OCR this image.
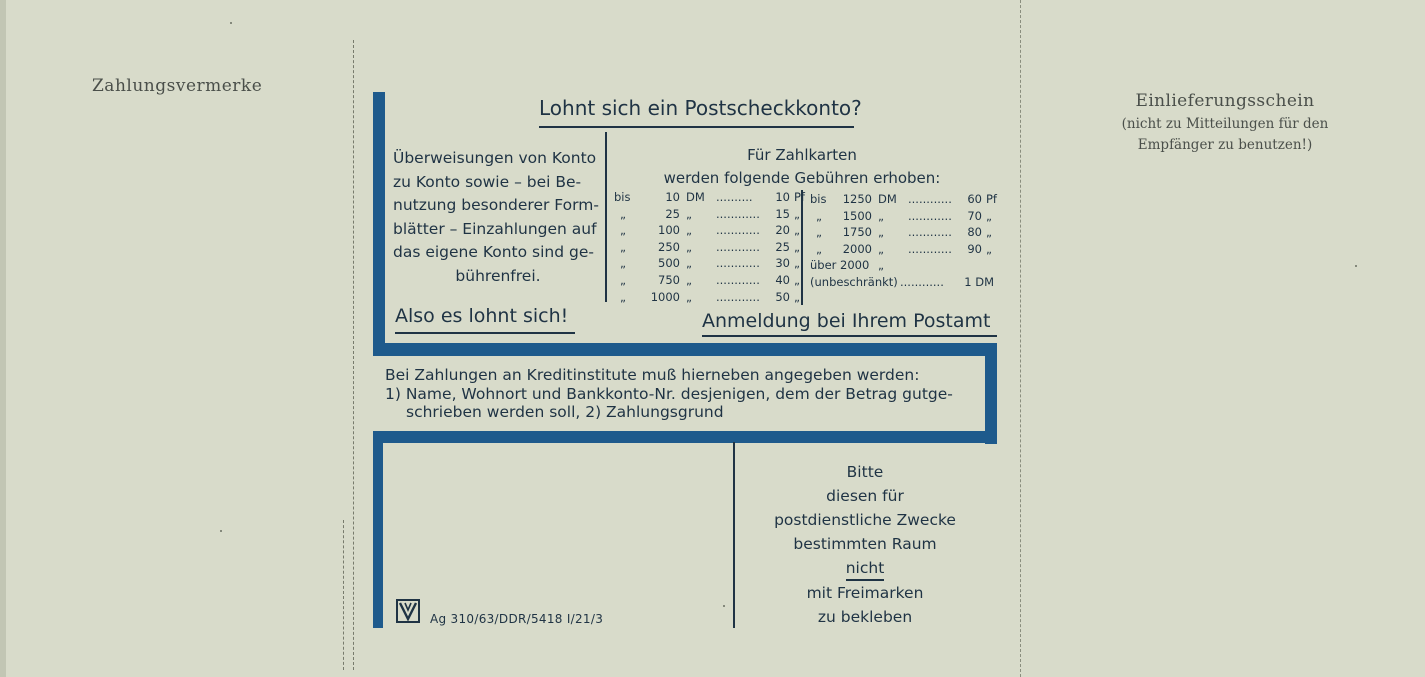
Zahlungsvermerke
Einlieferungsschein
(nicht zu Mitteilungen für den
Empfänger zu benutzen!)
Lohnt sich ein Postscheckkonto?
Überweisungen von Konto
zu Konto sowie – bei Be-
nutzung besonderer Form-
blätter – Einzahlungen auf
das eigene Konto sind ge-
bührenfrei.
Für Zahlkarten
werden folgende Gebühren erhoben:
bis	10 DM .......... 10 Pf
„	25 „ ............ 15 „
„	100 „ ............ 20 „
„	250 „ ............ 25 „
„	500 „ ............ 30 „
„	750 „ ............ 40 „
„ 1000 „ ............ 50 „
bis 1250 DM ............ 60 Pf
„ 1500 „ ............ 70 „
„ 1750 „ ............ 80 „
„ 2000 „ ............ 90 „
über 2000 „
(unbeschränkt) ............ 1 DM
Also es lohnt sich!	Anmeldung bei Ihrem Postamt
Bei Zahlungen an Kreditinstitute muß hierneben angegeben werden:
1) Name, Wohnort und Bankkonto-Nr. desjenigen, dem der Betrag gutge-
schrieben werden soll, 2) Zahlungsgrund
Bitte
diesen für
postdienstliche Zwecke
bestimmten Raum
nicht
mit Freimarken
zu bekleben
Ag 310/63/DDR/5418 I/21/3
